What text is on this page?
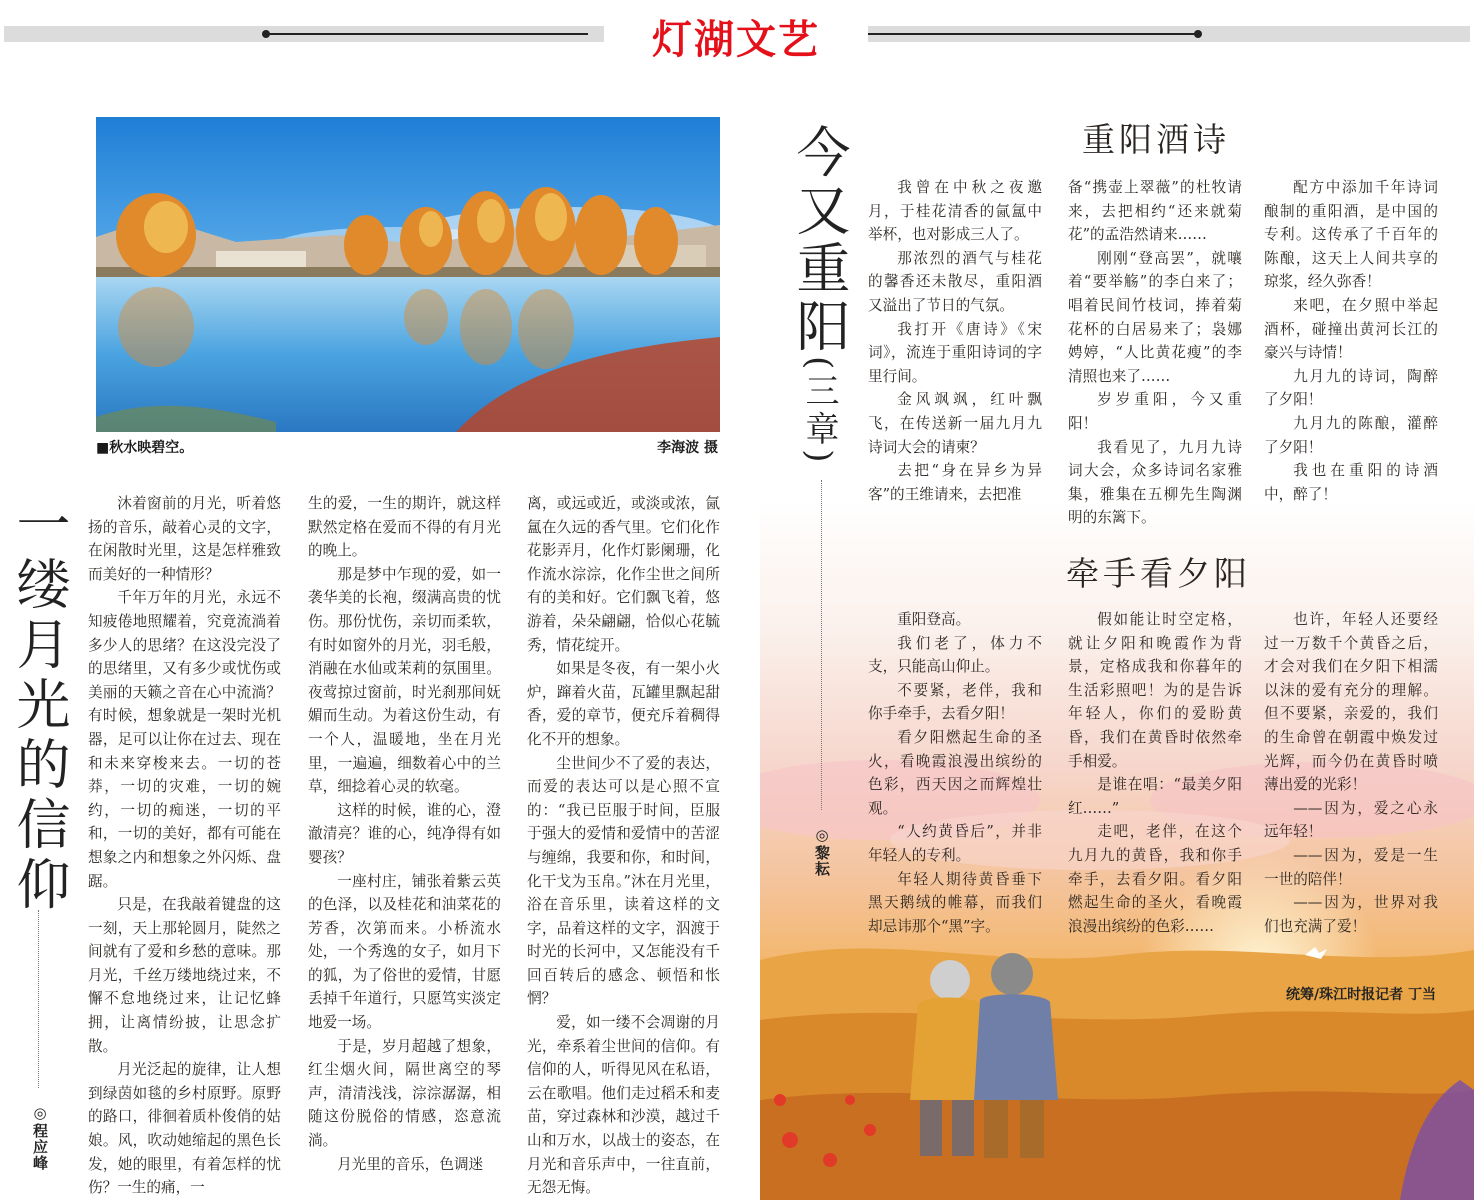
灯湖文艺
■秋水映碧空。	李海波 摄
一缕月光的信仰
◎程应峰

沐着窗前的月光，听着悠扬的音乐，敲着心灵的文字，在闲散时光里，这是怎样雅致而美好的一种情形？

千年万年的月光，永远不知疲倦地照耀着，究竟流淌着多少人的思绪？在这没完没了的思绪里，又有多少或忧伤或美丽的天籁之音在心中流淌？有时候，想象就是一架时光机器，足可以让你在过去、现在和未来穿梭来去。一切的苍莽，一切的灾难，一切的婉约，一切的痴迷，一切的平和，一切的美好，都有可能在想象之内和想象之外闪烁、盘踞。

只是，在我敲着键盘的这一刻，天上那轮圆月，陡然之间就有了爱和乡愁的意味。那月光，千丝万缕地绕过来，不懈不怠地绕过来，让记忆蜂拥，让离情纷披，让思念扩散。

月光泛起的旋律，让人想到绿茵如毯的乡村原野。原野的路口，徘徊着质朴俊俏的姑娘。风，吹动她缩起的黑色长发，她的眼里，有着怎样的忧伤？一生的痛，一

生的爱，一生的期许，就这样默然定格在爱而不得的有月光的晚上。

那是梦中乍现的爱，如一袭华美的长袍，缀满高贵的忧伤。那份忧伤，亲切而柔软，有时如窗外的月光，羽毛般，消融在水仙或茉莉的氛围里。夜莺掠过窗前，时光刹那间妩媚而生动。为着这份生动，有一个人，温暖地，坐在月光里，一遍遍，细数着心中的兰草，细捻着心灵的软毫。

这样的时候，谁的心，澄澈清亮？谁的心，纯净得有如婴孩？

一座村庄，铺张着紫云英的色泽，以及桂花和油菜花的芳香，次第而来。小桥流水处，一个秀逸的女子，如月下的狐，为了俗世的爱情，甘愿丢掉千年道行，只愿笃实淡定地爱一场。

于是，岁月超越了想象，红尘烟火间，隔世离空的琴声，清清浅浅，淙淙潺潺，相随这份脱俗的情感，恣意流淌。

月光里的音乐，色调迷

离，或远或近，或淡或浓，氤氲在久远的香气里。它们化作花影弄月，化作灯影阑珊，化作流水淙淙，化作尘世之间所有的美和好。它们飘飞着，悠游着，朵朵翩翩，恰似心花毓秀，情花绽开。

如果是冬夜，有一架小火炉，蹿着火苗，瓦罐里飘起甜香，爱的章节，便充斥着稠得化不开的想象。

尘世间少不了爱的表达，而爱的表达可以是心照不宣的：“我已臣服于时间，臣服于强大的爱情和爱情中的苦涩与缠绵，我要和你，和时间，化干戈为玉帛。”沐在月光里，浴在音乐里，读着这样的文字，品着这样的文字，泅渡于时光的长河中，又怎能没有千回百转后的感念、顿悟和怅惘？

爱，如一缕不会凋谢的月光，牵系着尘世间的信仰。有信仰的人，听得见风在私语，云在歌唱。他们走过稻禾和麦苗，穿过森林和沙漠，越过千山和万水，以战士的姿态，在月光和音乐声中，一往直前，无怨无悔。

今又重阳(三章)
◎黎耘
重阳酒诗

我曾在中秋之夜邀月，于桂花清香的氤氲中举杯，也对影成三人了。

那浓烈的酒气与桂花的馨香还未散尽，重阳酒又溢出了节日的气氛。

我打开《唐诗》《宋词》，流连于重阳诗词的字里行间。

金风飒飒，红叶飘飞，在传送新一届九月九诗词大会的请柬？

去把“身在异乡为异客”的王维请来，去把准

备“携壶上翠薇”的杜牧请来，去把相约“还来就菊花”的孟浩然请来……

刚刚“登高罢”，就嚷着“要举觞”的李白来了；唱着民间竹枝词，捧着菊花杯的白居易来了；袅娜娉婷，“人比黄花瘦”的李清照也来了……

岁岁重阳，今又重阳！

我看见了，九月九诗词大会，众多诗词名家雅集，雅集在五柳先生陶渊明的东篱下。

配方中添加千年诗词酿制的重阳酒，是中国的专利。这传承了千百年的陈酿，这天上人间共享的琼浆，经久弥香！

来吧，在夕照中举起酒杯，碰撞出黄河长江的豪兴与诗情！

九月九的诗词，陶醉了夕阳！

九月九的陈酿，灌醉了夕阳！

我也在重阳的诗酒中，醉了！

牵手看夕阳

重阳登高。

我们老了，体力不支，只能高山仰止。

不要紧，老伴，我和你手牵手，去看夕阳！

看夕阳燃起生命的圣火，看晚霞浪漫出缤纷的色彩，西天因之而辉煌壮观。

“人约黄昏后”，并非年轻人的专利。

年轻人期待黄昏垂下黑天鹅绒的帷幕，而我们却忌讳那个“黑”字。

假如能让时空定格，就让夕阳和晚霞作为背景，定格成我和你暮年的生活彩照吧！为的是告诉年轻人，你们的爱盼黄昏，我们在黄昏时依然牵手相爱。

是谁在唱：“最美夕阳红……”

走吧，老伴，在这个九月九的黄昏，我和你手牵手，去看夕阳。看夕阳燃起生命的圣火，看晚霞浪漫出缤纷的色彩……

也许，年轻人还要经过一万数千个黄昏之后，才会对我们在夕阳下相濡以沫的爱有充分的理解。但不要紧，亲爱的，我们的生命曾在朝霞中焕发过光辉，而今仍在黄昏时喷薄出爱的光彩！

——因为，爱之心永远年轻！

——因为，爱是一生一世的陪伴！

——因为，世界对我们也充满了爱！

统筹/珠江时报记者 丁当
